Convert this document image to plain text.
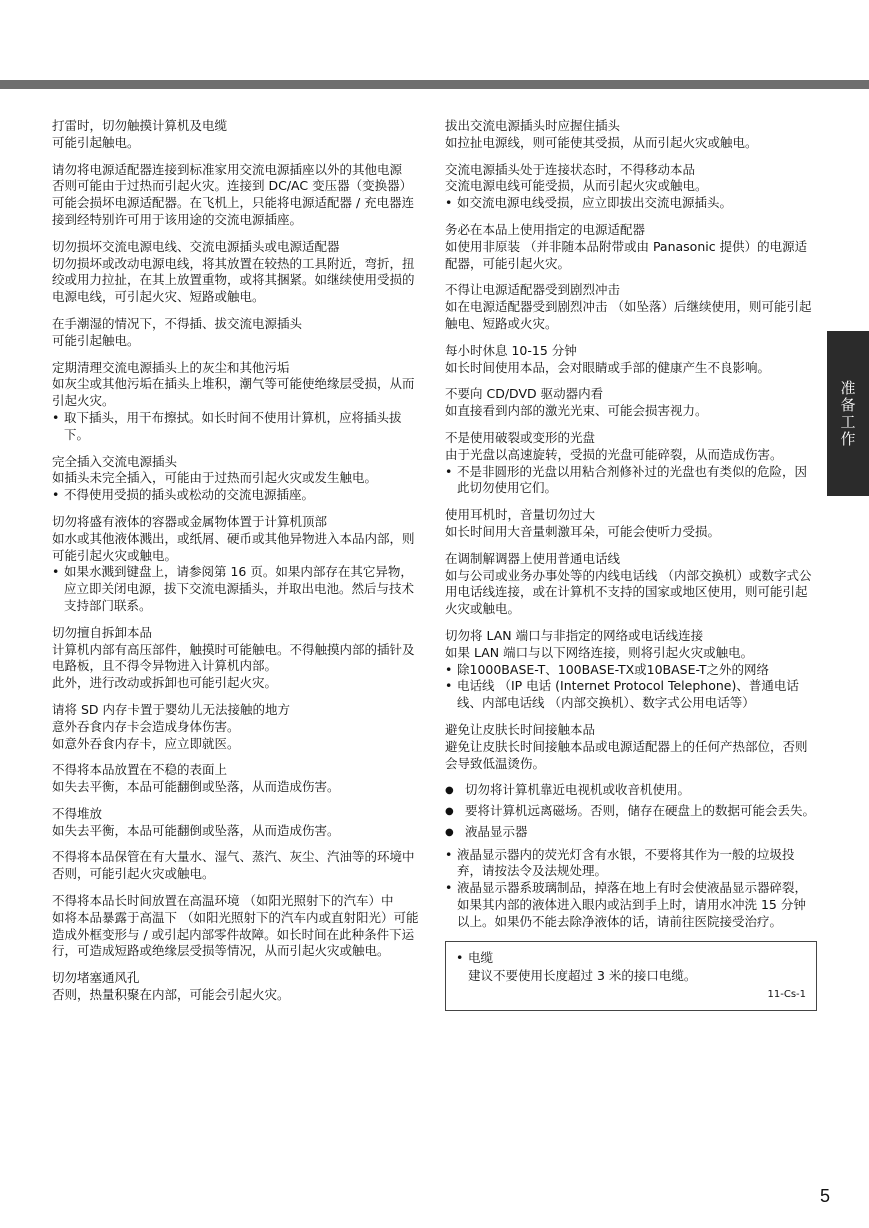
准备工作

打雷时，切勿触摸计算机及电缆

可能引起触电。

请勿将电源适配器连接到标准家用交流电源插座以外的其他电源

否则可能由于过热而引起火灾。连接到 DC/AC 变压器（变换器）可能会损坏电源适配器。在飞机上，只能将电源适配器 / 充电器连接到经特别许可用于该用途的交流电源插座。

切勿损坏交流电源电线、交流电源插头或电源适配器

切勿损坏或改动电源电线，将其放置在较热的工具附近，弯折，扭绞或用力拉扯，在其上放置重物，或将其捆紧。如继续使用受损的电源电线，可引起火灾、短路或触电。

在手潮湿的情况下，不得插、拔交流电源插头

可能引起触电。

定期清理交流电源插头上的灰尘和其他污垢

如灰尘或其他污垢在插头上堆积，潮气等可能使绝缘层受损，从而引起火灾。

• 取下插头，用干布擦拭。如长时间不使用计算机，应将插头拔下。

完全插入交流电源插头

如插头未完全插入，可能由于过热而引起火灾或发生触电。

• 不得使用受损的插头或松动的交流电源插座。

切勿将盛有液体的容器或金属物体置于计算机顶部

如水或其他液体溅出，或纸屑、硬币或其他异物进入本品内部，则可能引起火灾或触电。

• 如果水溅到键盘上，请参阅第 16 页。如果内部存在其它异物，应立即关闭电源，拔下交流电源插头，并取出电池。然后与技术支持部门联系。

切勿擅自拆卸本品

计算机内部有高压部件，触摸时可能触电。不得触摸内部的插针及电路板，且不得令异物进入计算机内部。

此外，进行改动或拆卸也可能引起火灾。

请将 SD 内存卡置于婴幼儿无法接触的地方

意外吞食内存卡会造成身体伤害。

如意外吞食内存卡，应立即就医。

不得将本品放置在不稳的表面上

如失去平衡，本品可能翻倒或坠落，从而造成伤害。

不得堆放

如失去平衡，本品可能翻倒或坠落，从而造成伤害。

不得将本品保管在有大量水、湿气、蒸汽、灰尘、汽油等的环境中

否则，可能引起火灾或触电。

不得将本品长时间放置在高温环境 （如阳光照射下的汽车）中

如将本品暴露于高温下 （如阳光照射下的汽车内或直射阳光）可能造成外框变形与 / 或引起内部零件故障。如长时间在此种条件下运行，可造成短路或绝缘层受损等情况，从而引起火灾或触电。

切勿堵塞通风孔

否则，热量积聚在内部，可能会引起火灾。

拔出交流电源插头时应握住插头

如拉扯电源线，则可能使其受损，从而引起火灾或触电。

交流电源插头处于连接状态时，不得移动本品

交流电源电线可能受损，从而引起火灾或触电。

• 如交流电源电线受损，应立即拔出交流电源插头。

务必在本品上使用指定的电源适配器

如使用非原装 （并非随本品附带或由 Panasonic 提供）的电源适配器，可能引起火灾。

不得让电源适配器受到剧烈冲击

如在电源适配器受到剧烈冲击 （如坠落）后继续使用，则可能引起触电、短路或火灾。

每小时休息 10-15 分钟

如长时间使用本品，会对眼睛或手部的健康产生不良影响。

不要向 CD/DVD 驱动器内看

如直接看到内部的激光光束、可能会损害视力。

不是使用破裂或变形的光盘

由于光盘以高速旋转，受损的光盘可能碎裂，从而造成伤害。

• 不是非圆形的光盘以用粘合剂修补过的光盘也有类似的危险，因此切勿使用它们。

使用耳机时，音量切勿过大

如长时间用大音量刺激耳朵，可能会使听力受损。

在调制解调器上使用普通电话线

如与公司或业务办事处等的内线电话线 （内部交换机）或数字式公用电话线连接，或在计算机不支持的国家或地区使用，则可能引起火灾或触电。

切勿将 LAN 端口与非指定的网络或电话线连接

如果 LAN 端口与以下网络连接，则将引起火灾或触电。

• 除1000BASE-T、100BASE-TX或10BASE-T之外的网络
• 电话线 （IP 电话 (Internet Protocol Telephone)、普通电话线、内部电话线 （内部交换机）、数字式公用电话等）

避免让皮肤长时间接触本品

避免让皮肤长时间接触本品或电源适配器上的任何产热部位，否则会导致低温烫伤。

● 切勿将计算机靠近电视机或收音机使用。
● 要将计算机远离磁场。否则，储存在硬盘上的数据可能会丢失。
● 液晶显示器
• 液晶显示器内的荧光灯含有水银，不要将其作为一般的垃圾投弃，请按法令及法规处理。
• 液晶显示器系玻璃制品，掉落在地上有时会使液晶显示器碎裂，如果其内部的液体进入眼内或沾到手上时，请用水冲洗 15 分钟以上。如果仍不能去除净液体的话，请前往医院接受治疗。
• 电缆

建议不要使用长度超过 3 米的接口电缆。

11-Cs-1
5
